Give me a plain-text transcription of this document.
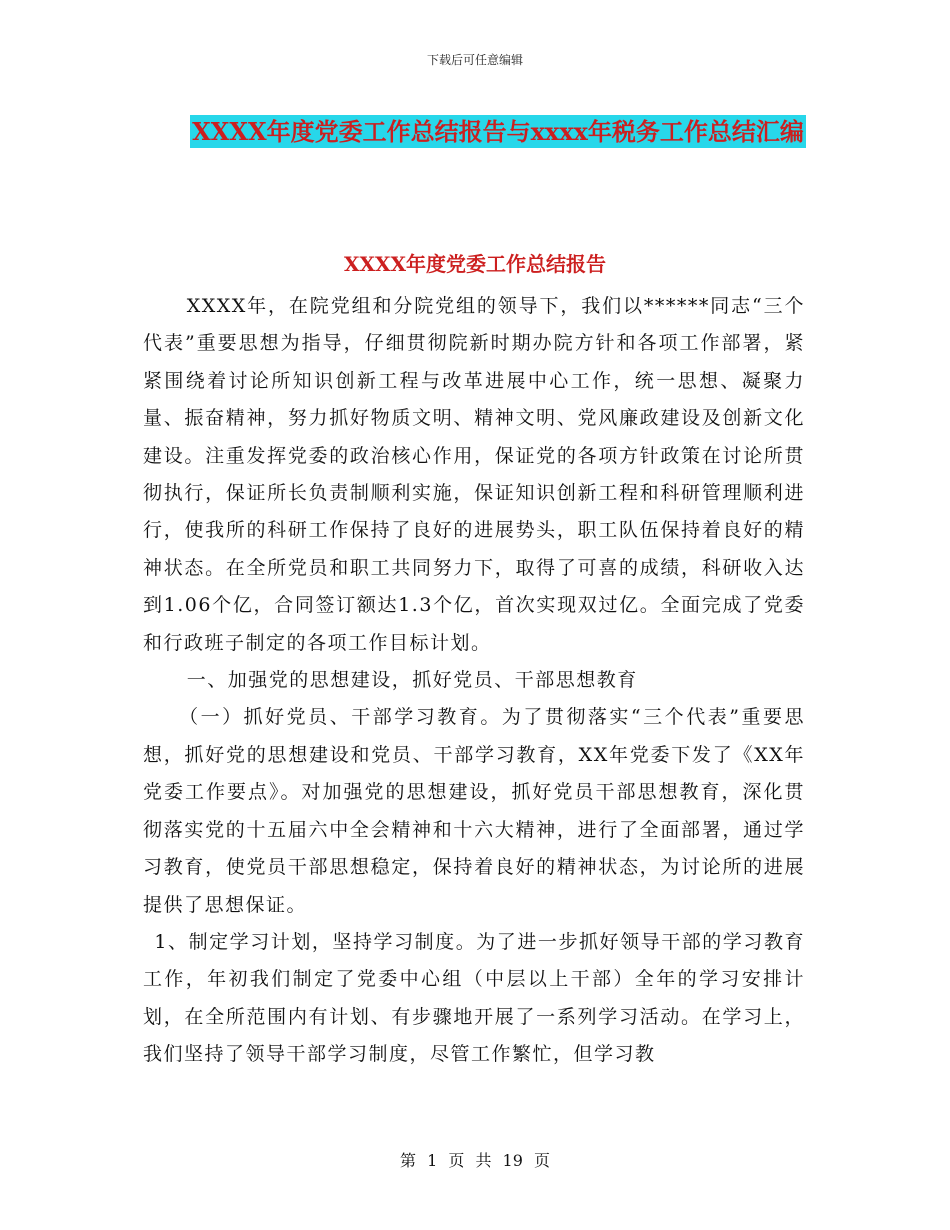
下载后可任意编辑
XXXX年度党委工作总结报告与xxxx年税务工作总结汇编
XXXX年度党委工作总结报告

XXXX年，在院党组和分院党组的领导下，我们以******同志“三个代表”重要思想为指导，仔细贯彻院新时期办院方针和各项工作部署，紧紧围绕着讨论所知识创新工程与改革进展中心工作，统一思想、凝聚力量、振奋精神，努力抓好物质文明、精神文明、党风廉政建设及创新文化建设。注重发挥党委的政治核心作用，保证党的各项方针政策在讨论所贯彻执行，保证所长负责制顺利实施，保证知识创新工程和科研管理顺利进行，使我所的科研工作保持了良好的进展势头，职工队伍保持着良好的精神状态。在全所党员和职工共同努力下，取得了可喜的成绩，科研收入达到1.06个亿，合同签订额达1.3个亿，首次实现双过亿。全面完成了党委和行政班子制定的各项工作目标计划。

一、加强党的思想建设，抓好党员、干部思想教育

（一）抓好党员、干部学习教育。为了贯彻落实“三个代表”重要思想，抓好党的思想建设和党员、干部学习教育，XX年党委下发了《XX年党委工作要点》。对加强党的思想建设，抓好党员干部思想教育，深化贯彻落实党的十五届六中全会精神和十六大精神，进行了全面部署，通过学习教育，使党员干部思想稳定，保持着良好的精神状态，为讨论所的进展提供了思想保证。

1、制定学习计划，坚持学习制度。为了进一步抓好领导干部的学习教育工作，年初我们制定了党委中心组（中层以上干部）全年的学习安排计划，在全所范围内有计划、有步骤地开展了一系列学习活动。在学习上，我们坚持了领导干部学习制度，尽管工作繁忙，但学习教

第 1 页 共 19 页
